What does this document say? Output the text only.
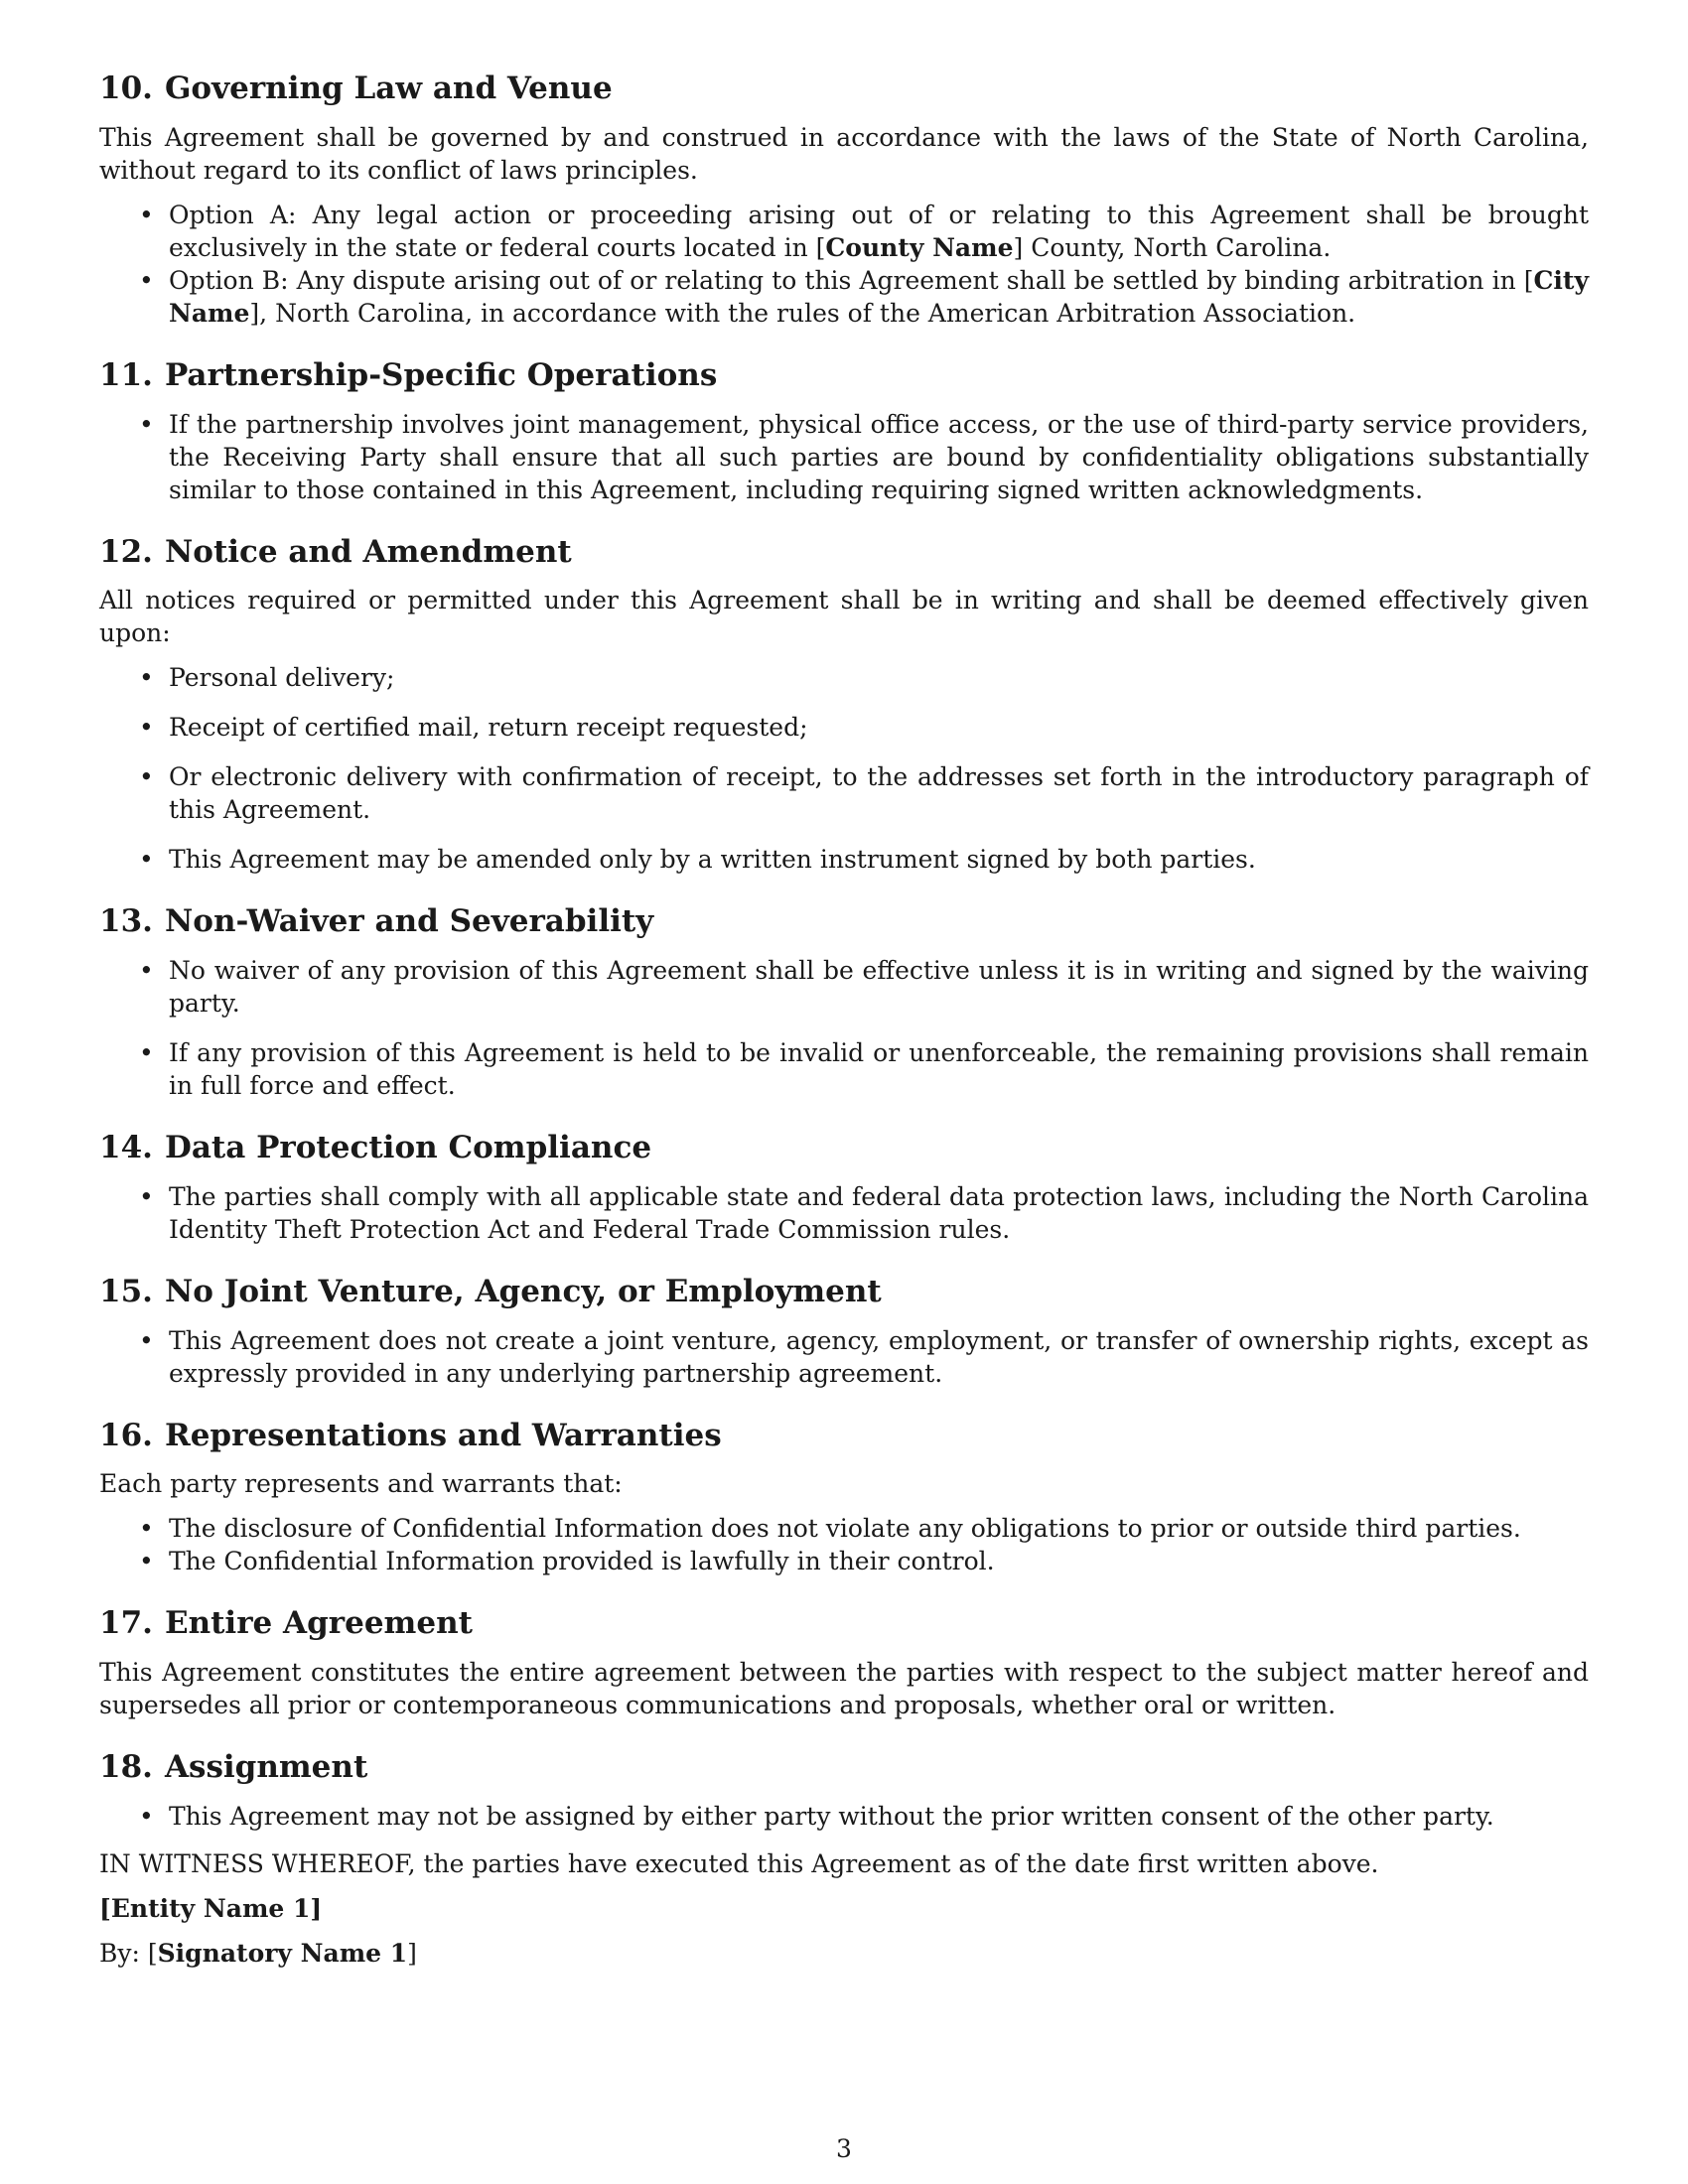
10. Governing Law and Venue

This Agreement shall be governed by and construed in accordance with the laws of the State of North Carolina, without regard to its conflict of laws principles.

• Option A: Any legal action or proceeding arising out of or relating to this Agreement shall be brought exclusively in the state or federal courts located in [County Name] County, North Carolina.
• Option B: Any dispute arising out of or relating to this Agreement shall be settled by binding arbitration in [City Name], North Carolina, in accordance with the rules of the American Arbitration Association.
11. Partnership-Specific Operations
• If the partnership involves joint management, physical office access, or the use of third-party service providers, the Receiving Party shall ensure that all such parties are bound by confidentiality obligations substantially similar to those contained in this Agreement, including requiring signed written acknowledgments.
12. Notice and Amendment

All notices required or permitted under this Agreement shall be in writing and shall be deemed effectively given upon:

• Personal delivery;
• Receipt of certified mail, return receipt requested;
• Or electronic delivery with confirmation of receipt, to the addresses set forth in the introductory paragraph of this Agreement.
• This Agreement may be amended only by a written instrument signed by both parties.
13. Non-Waiver and Severability
• No waiver of any provision of this Agreement shall be effective unless it is in writing and signed by the waiving party.
• If any provision of this Agreement is held to be invalid or unenforceable, the remaining provisions shall remain in full force and effect.
14. Data Protection Compliance
• The parties shall comply with all applicable state and federal data protection laws, including the North Carolina Identity Theft Protection Act and Federal Trade Commission rules.
15. No Joint Venture, Agency, or Employment
• This Agreement does not create a joint venture, agency, employment, or transfer of ownership rights, except as expressly provided in any underlying partnership agreement.
16. Representations and Warranties

Each party represents and warrants that:

• The disclosure of Confidential Information does not violate any obligations to prior or outside third parties.
• The Confidential Information provided is lawfully in their control.
17. Entire Agreement

This Agreement constitutes the entire agreement between the parties with respect to the subject matter hereof and supersedes all prior or contemporaneous communications and proposals, whether oral or written.

18. Assignment
• This Agreement may not be assigned by either party without the prior written consent of the other party.

IN WITNESS WHEREOF, the parties have executed this Agreement as of the date first written above.

[Entity Name 1]

By: [Signatory Name 1]

3
